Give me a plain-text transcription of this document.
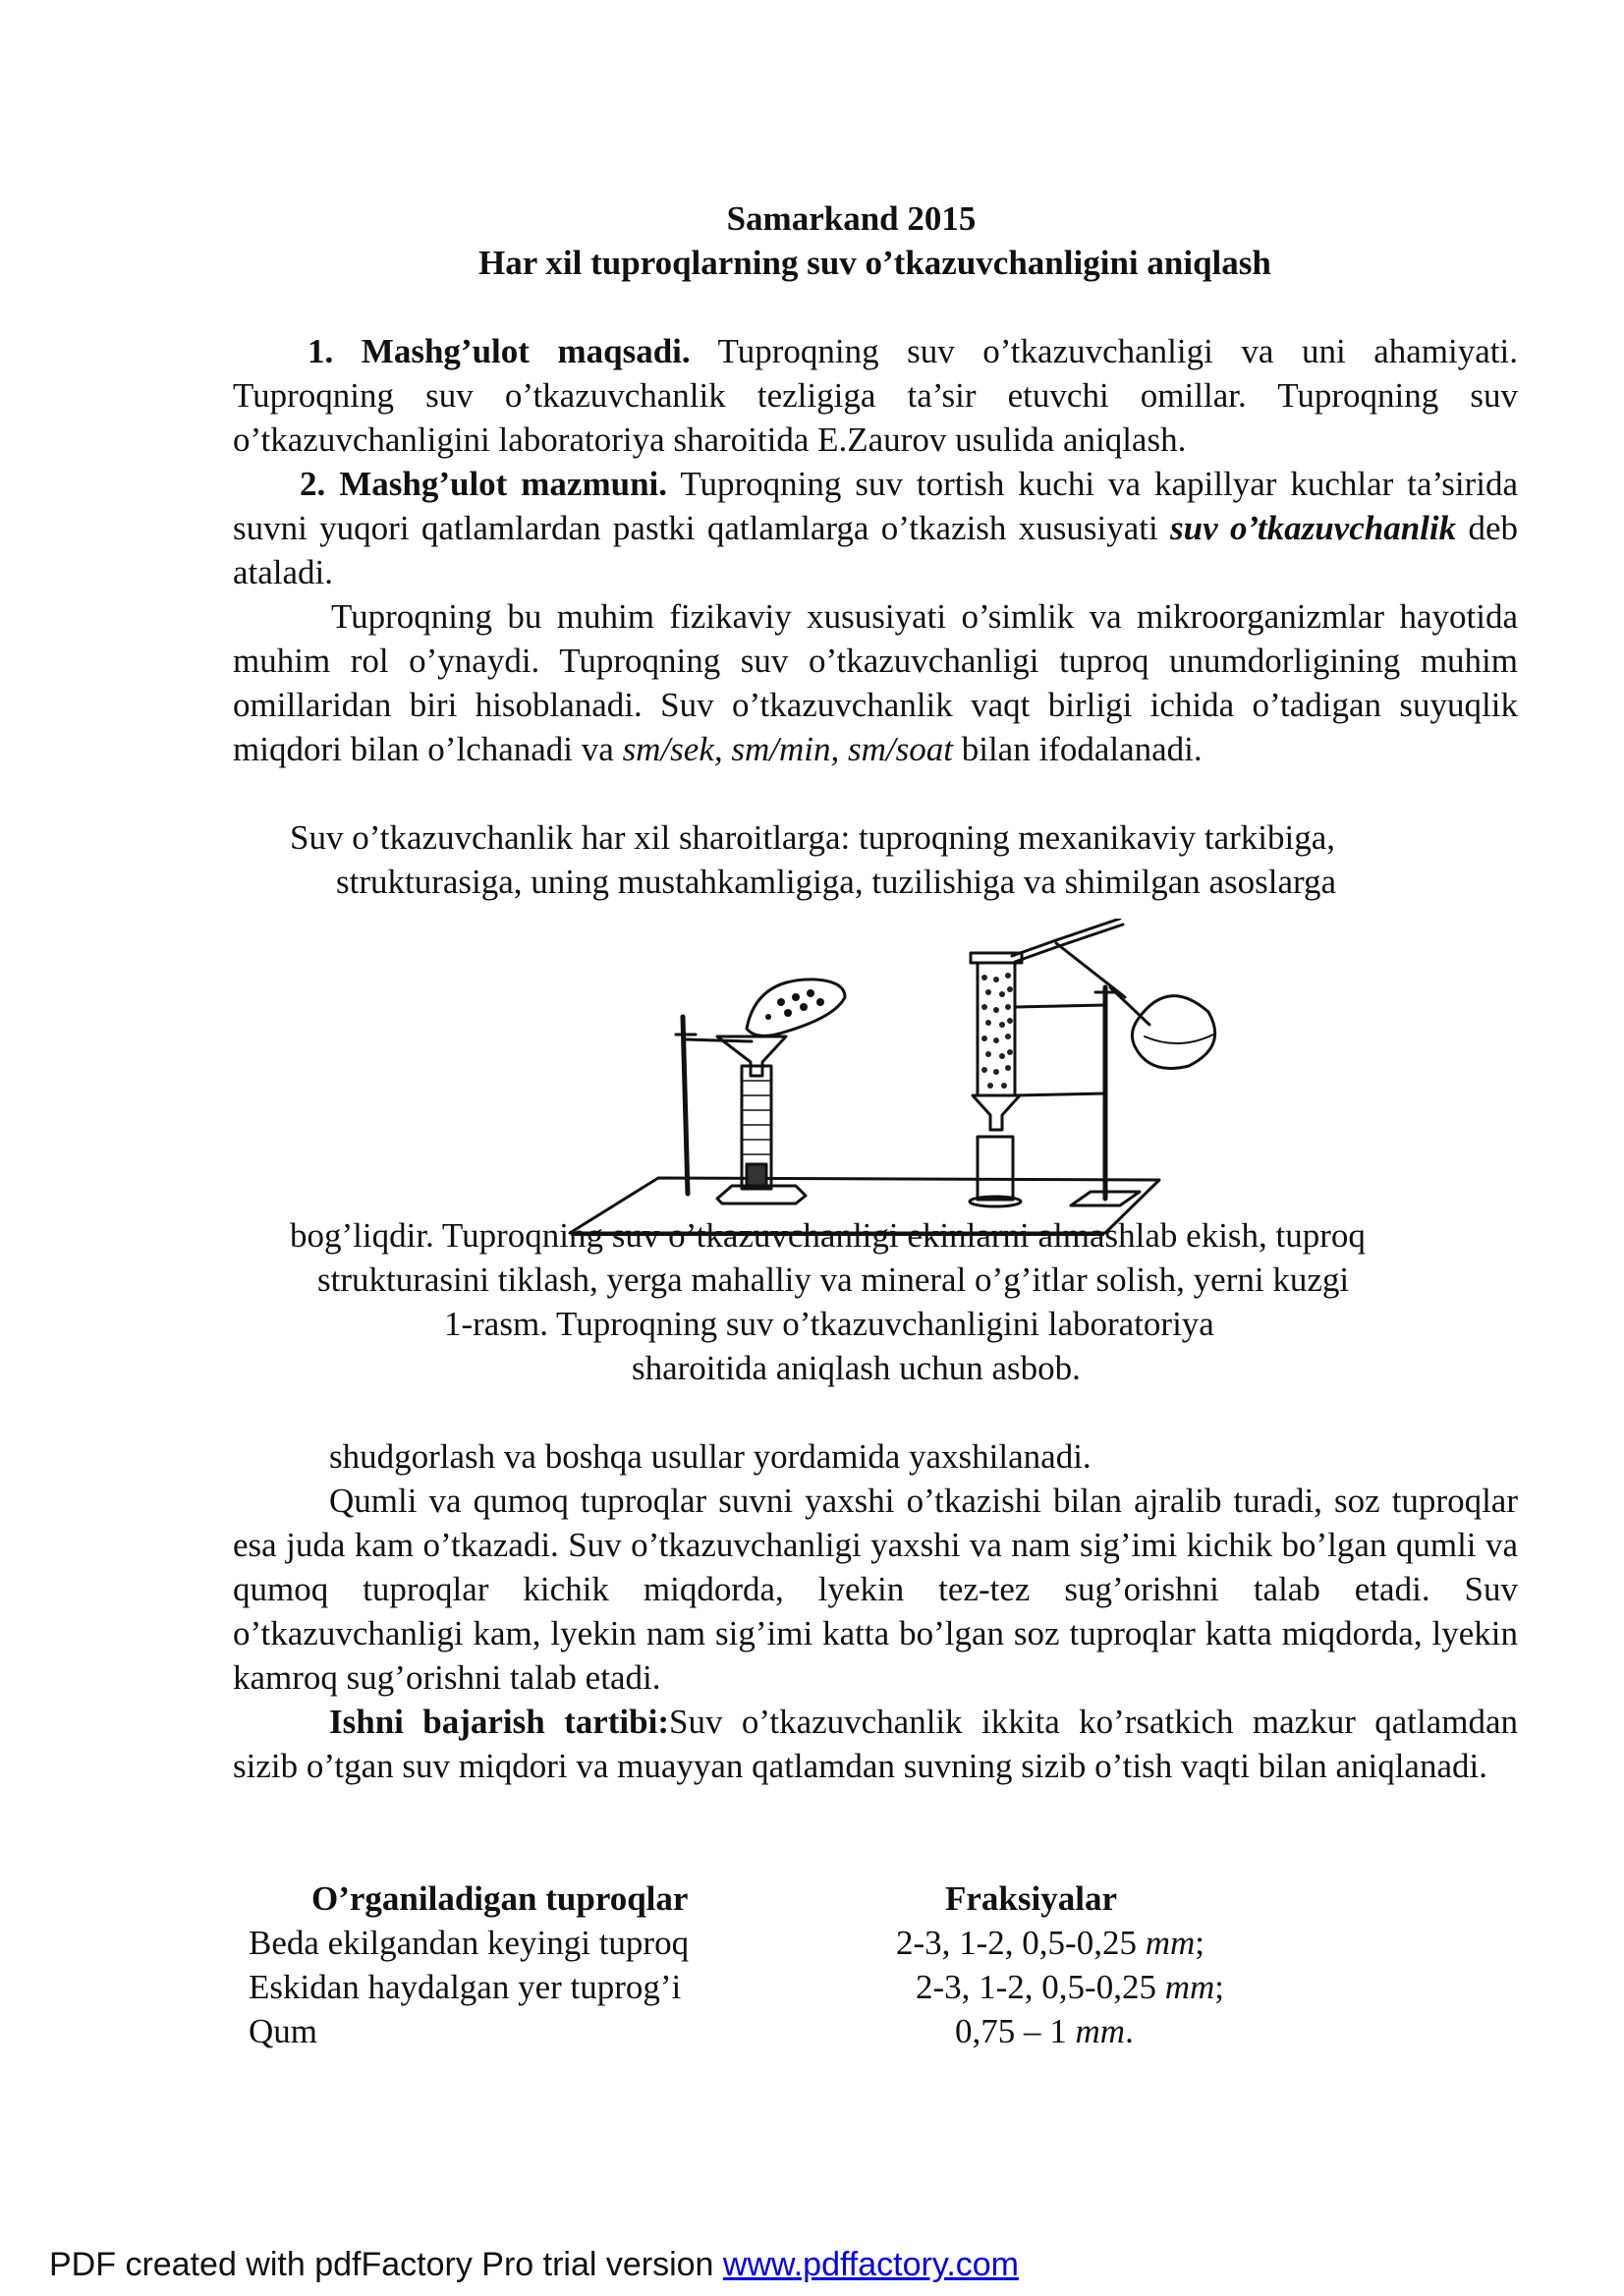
Samarkand 2015

Har xil tuproqlarning suv o’tkazuvchanligini aniqlash

1. Mashg’ulot maqsadi. Tuproqning suv o’tkazuvchanligi va uni ahamiyati. Tuproqning suv o’tkazuvchanlik tezligiga ta’sir etuvchi omillar. Tuproqning suv o’tkazuvchanligini laboratoriya sharoitida E.Zaurov usulida aniqlash.

2. Mashg’ulot mazmuni. Tuproqning suv tortish kuchi va kapillyar kuchlar ta’sirida suvni yuqori qatlamlardan pastki qatlamlarga o’tkazish xususiyati suv o’tkazuvchanlik deb ataladi.

Tuproqning bu muhim fizikaviy xususiyati o’simlik va mikroorganizmlar hayotida muhim rol o’ynaydi. Tuproqning suv o’tkazuvchanligi tuproq unumdorligining muhim omillaridan biri hisoblanadi. Suv o’tkazuvchanlik vaqt birligi ichida o’tadigan suyuqlik miqdori bilan o’lchanadi va sm/sek, sm/min, sm/soat bilan ifodalanadi.

Suv o’tkazuvchanlik har xil sharoitlarga: tuproqning mexanikaviy tarkibiga,

strukturasiga, uning mustahkamligiga, tuzilishiga va shimilgan asoslarga

bog’liqdir. Tuproqning suv o’tkazuvchanligi ekinlarni almashlab ekish, tuproq

strukturasini tiklash, yerga mahalliy va mineral o’g’itlar solish, yerni kuzgi

1-rasm. Tuproqning suv o’tkazuvchanligini laboratoriya

sharoitida aniqlash uchun asbob.

shudgorlash va boshqa usullar yordamida yaxshilanadi.

Qumli va qumoq tuproqlar suvni yaxshi o’tkazishi bilan ajralib turadi, soz tuproqlar esa juda kam o’tkazadi. Suv o’tkazuvchanligi yaxshi va nam sig’imi kichik bo’lgan qumli va qumoq tuproqlar kichik miqdorda, lyekin tez-tez sug’orishni talab etadi. Suv o’tkazuvchanligi kam, lyekin nam sig’imi katta bo’lgan soz tuproqlar katta miqdorda, lyekin kamroq sug’orishni talab etadi.

Ishni bajarish tartibi:Suv o’tkazuvchanlik ikkita ko’rsatkich mazkur qatlamdan sizib o’tgan suv miqdori va muayyan qatlamdan suvning sizib o’tish vaqti bilan aniqlanadi.

O’rganiladigan tuproqlar	Fraksiyalar

Beda ekilgandan keyingi tuproq	2-3, 1-2, 0,5-0,25 mm;

Eskidan haydalgan yer tuprog’i	2-3, 1-2, 0,5-0,25 mm;

Qum	0,75 – 1 mm.

PDF created with pdfFactory Pro trial version www.pdffactory.com
